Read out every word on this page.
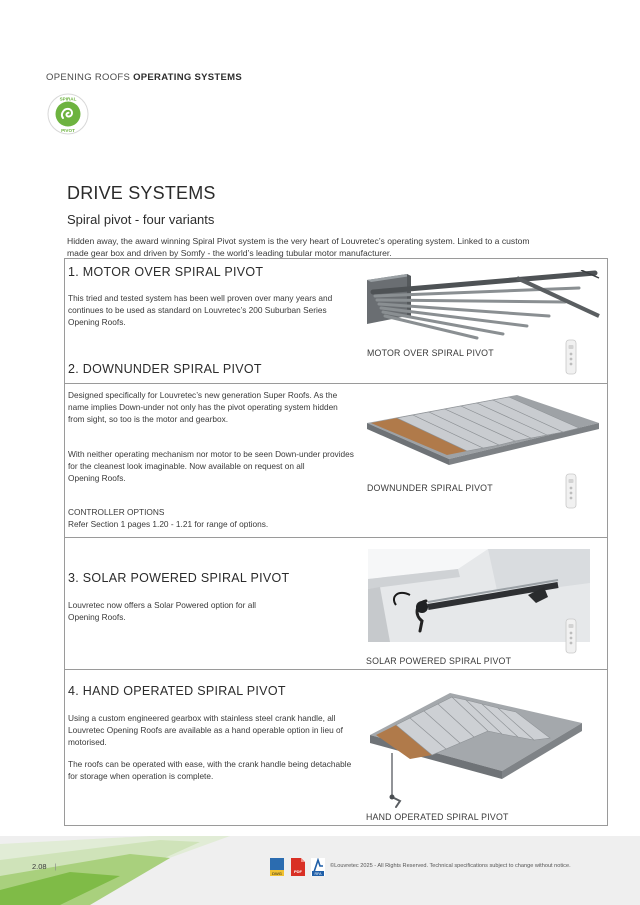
OPENING ROOFS OPERATING SYSTEMS
SPIRAL
PIVOT
DRIVE SYSTEMS
Spiral pivot - four variants
Hidden away, the award winning Spiral Pivot system is the very heart of Louvretec’s operating system. Linked to a custom made gear box and driven by Somfy - the world’s leading tubular motor manufacturer.
1. MOTOR OVER SPIRAL PIVOT
This tried and tested system has been well proven over many years and continues to be used as standard on Louvretec’s 200 Suburban Series Opening Roofs.
MOTOR OVER SPIRAL PIVOT
2. DOWNUNDER SPIRAL PIVOT
Designed specifically for Louvretec’s new generation Super Roofs. As the name implies Down-under not only has the pivot operating system hidden from sight, so too is the motor and gearbox.
With neither operating mechanism nor motor to be seen Down-under provides for the cleanest look imaginable. Now available on request on all
Opening Roofs.
CONTROLLER OPTIONS
Refer Section 1 pages 1.20 - 1.21 for range of options.
DOWNUNDER SPIRAL PIVOT
3. SOLAR POWERED SPIRAL PIVOT
Louvretec now offers a Solar Powered option for all
Opening Roofs.
SOLAR POWERED SPIRAL PIVOT
4. HAND OPERATED SPIRAL PIVOT
Using a custom engineered gearbox with stainless steel crank handle, all Louvretec Opening Roofs are available as a hand operable option in lieu of motorised.
The roofs can be operated with ease, with the crank handle being detachable for storage when operation is complete.
HAND OPERATED SPIRAL PIVOT
2.08 |
DWG	PDF
RFA
©Louvretec 2025 - All Rights Reserved. Technical specifications subject to change without notice.
